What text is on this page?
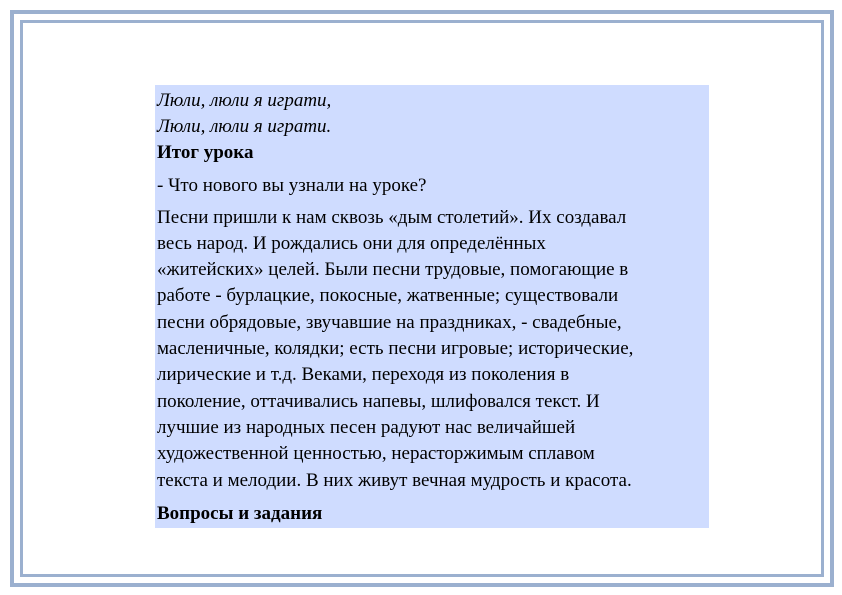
Люли, люли я играти,
Люли, люли я играти.
Итог урока
- Что нового вы узнали на уроке?
Песни пришли к нам сквозь «дым столетий». Их создавал
весь народ. И рождались они для определённых
«житейских» целей. Были песни трудовые, помогающие в
работе - бурлацкие, покосные, жатвенные; существовали
песни обрядовые, звучавшие на праздниках, - свадебные,
масленичные, колядки; есть песни игровые; исторические,
лирические и т.д. Веками, переходя из поколения в
поколение, оттачивались напевы, шлифовался текст. И
лучшие из народных песен радуют нас величайшей
художественной ценностью, нерасторжимым сплавом
текста и мелодии. В них живут вечная мудрость и красота.
Вопросы и задания
